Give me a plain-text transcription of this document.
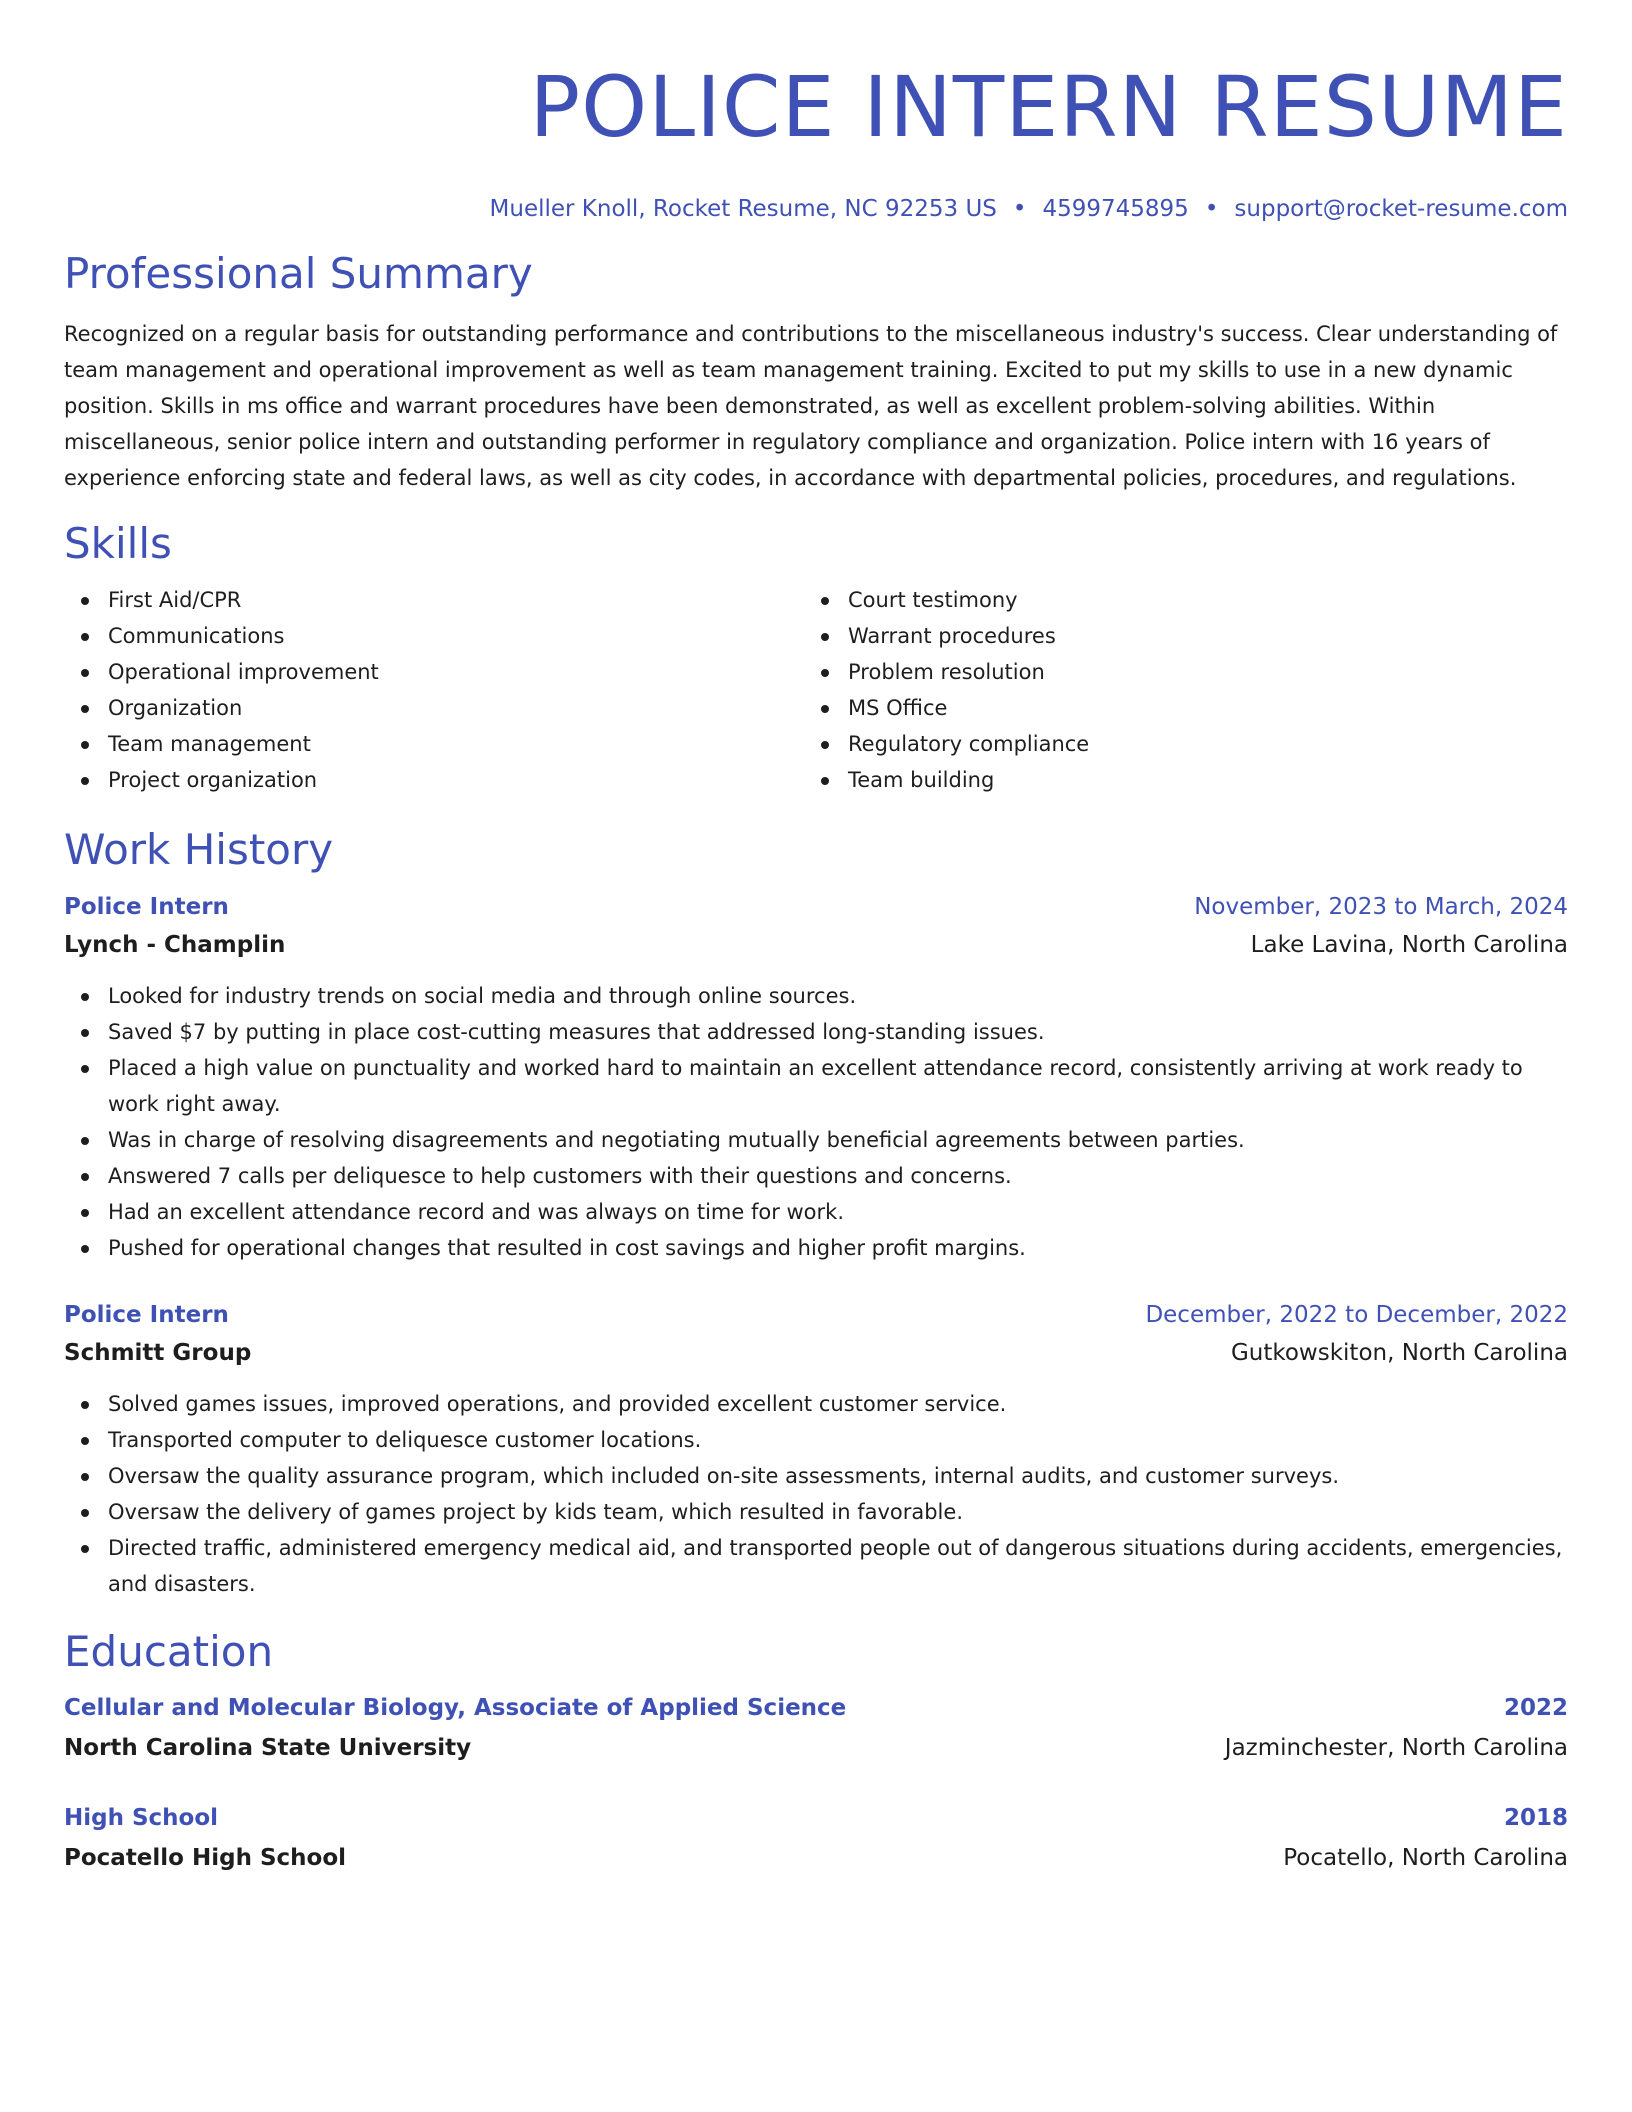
POLICE INTERN RESUME
Mueller Knoll, Rocket Resume, NC 92253 US • 4599745895 • support@rocket-resume.com
Professional Summary

Recognized on a regular basis for outstanding performance and contributions to the miscellaneous industry's success. Clear understanding of team management and operational improvement as well as team management training. Excited to put my skills to use in a new dynamic position. Skills in ms office and warrant procedures have been demonstrated, as well as excellent problem-solving abilities. Within miscellaneous, senior police intern and outstanding performer in regulatory compliance and organization. Police intern with 16 years of experience enforcing state and federal laws, as well as city codes, in accordance with departmental policies, procedures, and regulations.

Skills
First Aid/CPR
Communications
Operational improvement
Organization
Team management
Project organization
Court testimony
Warrant procedures
Problem resolution
MS Office
Regulatory compliance
Team building
Work History
Police Intern	November, 2023 to March, 2024
Lynch - Champlin	Lake Lavina, North Carolina
Looked for industry trends on social media and through online sources.
Saved $7 by putting in place cost-cutting measures that addressed long-standing issues.
Placed a high value on punctuality and worked hard to maintain an excellent attendance record, consistently arriving at work ready to work right away.
Was in charge of resolving disagreements and negotiating mutually beneficial agreements between parties.
Answered 7 calls per deliquesce to help customers with their questions and concerns.
Had an excellent attendance record and was always on time for work.
Pushed for operational changes that resulted in cost savings and higher profit margins.
Police Intern	December, 2022 to December, 2022
Schmitt Group	Gutkowskiton, North Carolina
Solved games issues, improved operations, and provided excellent customer service.
Transported computer to deliquesce customer locations.
Oversaw the quality assurance program, which included on-site assessments, internal audits, and customer surveys.
Oversaw the delivery of games project by kids team, which resulted in favorable.
Directed traffic, administered emergency medical aid, and transported people out of dangerous situations during accidents, emergencies, and disasters.
Education
Cellular and Molecular Biology, Associate of Applied Science	2022
North Carolina State University	Jazminchester, North Carolina
High School	2018
Pocatello High School	Pocatello, North Carolina
